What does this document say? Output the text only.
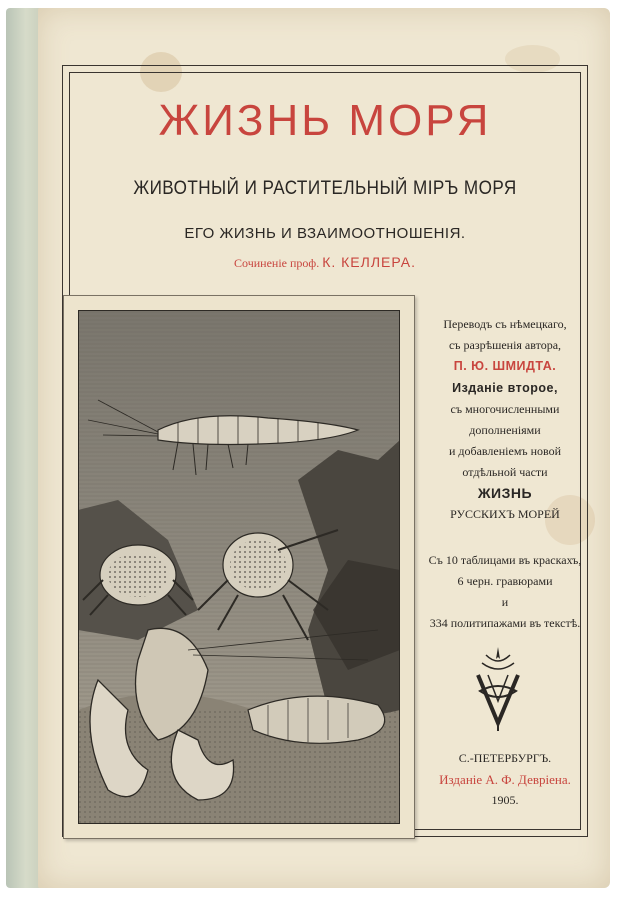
ЖИЗНЬ МОРЯ
ЖИВОТНЫЙ И РАСТИТЕЛЬНЫЙ МIРЪ МОРЯ
ЕГО ЖИЗНЬ И ВЗАИМООТНОШЕНIЯ.
Сочиненiе проф. К. КЕЛЛЕРА.
Переводъ съ нѣмецкаго,
съ разрѣшенiя автора,
П. Ю. ШМИДТА.
Изданiе второе,
съ многочисленными
дополненiями
и добавленiемъ новой
отдѣльной части
ЖИЗНЬ
РУССКИХЪ МОРЕЙ
Съ 10 таблицами въ краскахъ,
6 черн. гравюрами
и
334 политипажами въ текстѣ.
С.-ПЕТЕРБУРГЪ.
Изданiе А. Ф. Девріена.
1905.
